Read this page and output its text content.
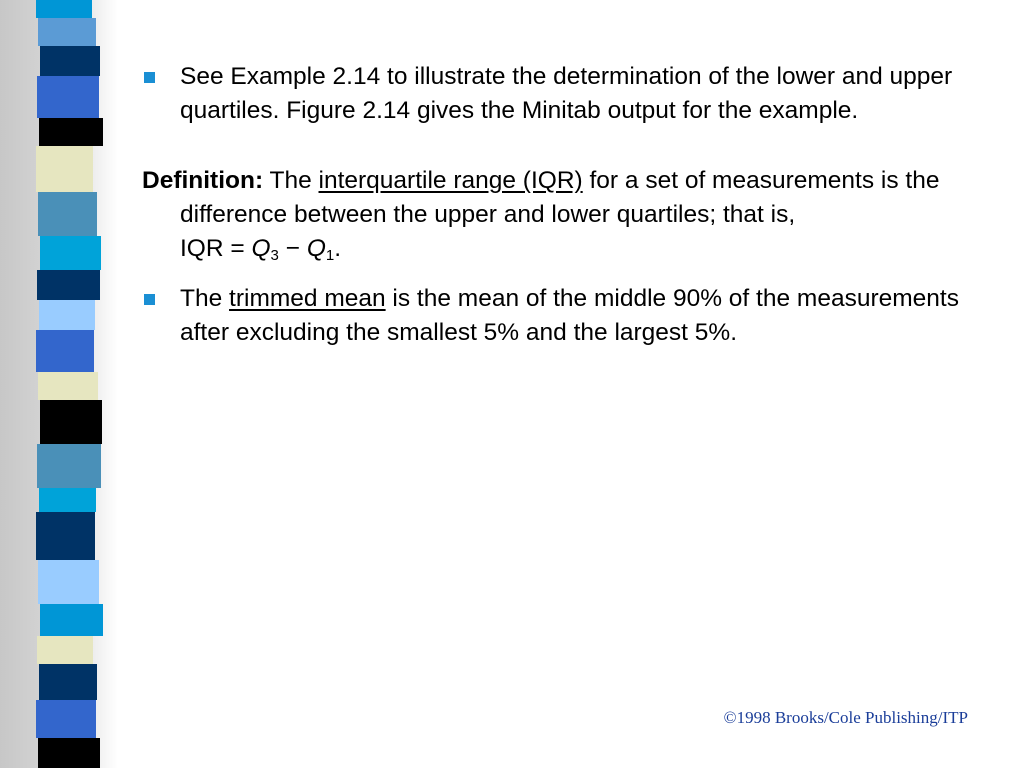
See Example 2.14 to illustrate the determination of the lower and upper quartiles. Figure 2.14 gives the Minitab output for the example.
Definition: The interquartile range (IQR) for a set of measurements is the difference between the upper and lower quartiles; that is,
IQR = $Q_3 - Q_1$.
The trimmed mean is the mean of the middle 90% of the measurements after excluding the smallest 5% and the largest 5%.
©1998 Brooks/Cole Publishing/ITP
